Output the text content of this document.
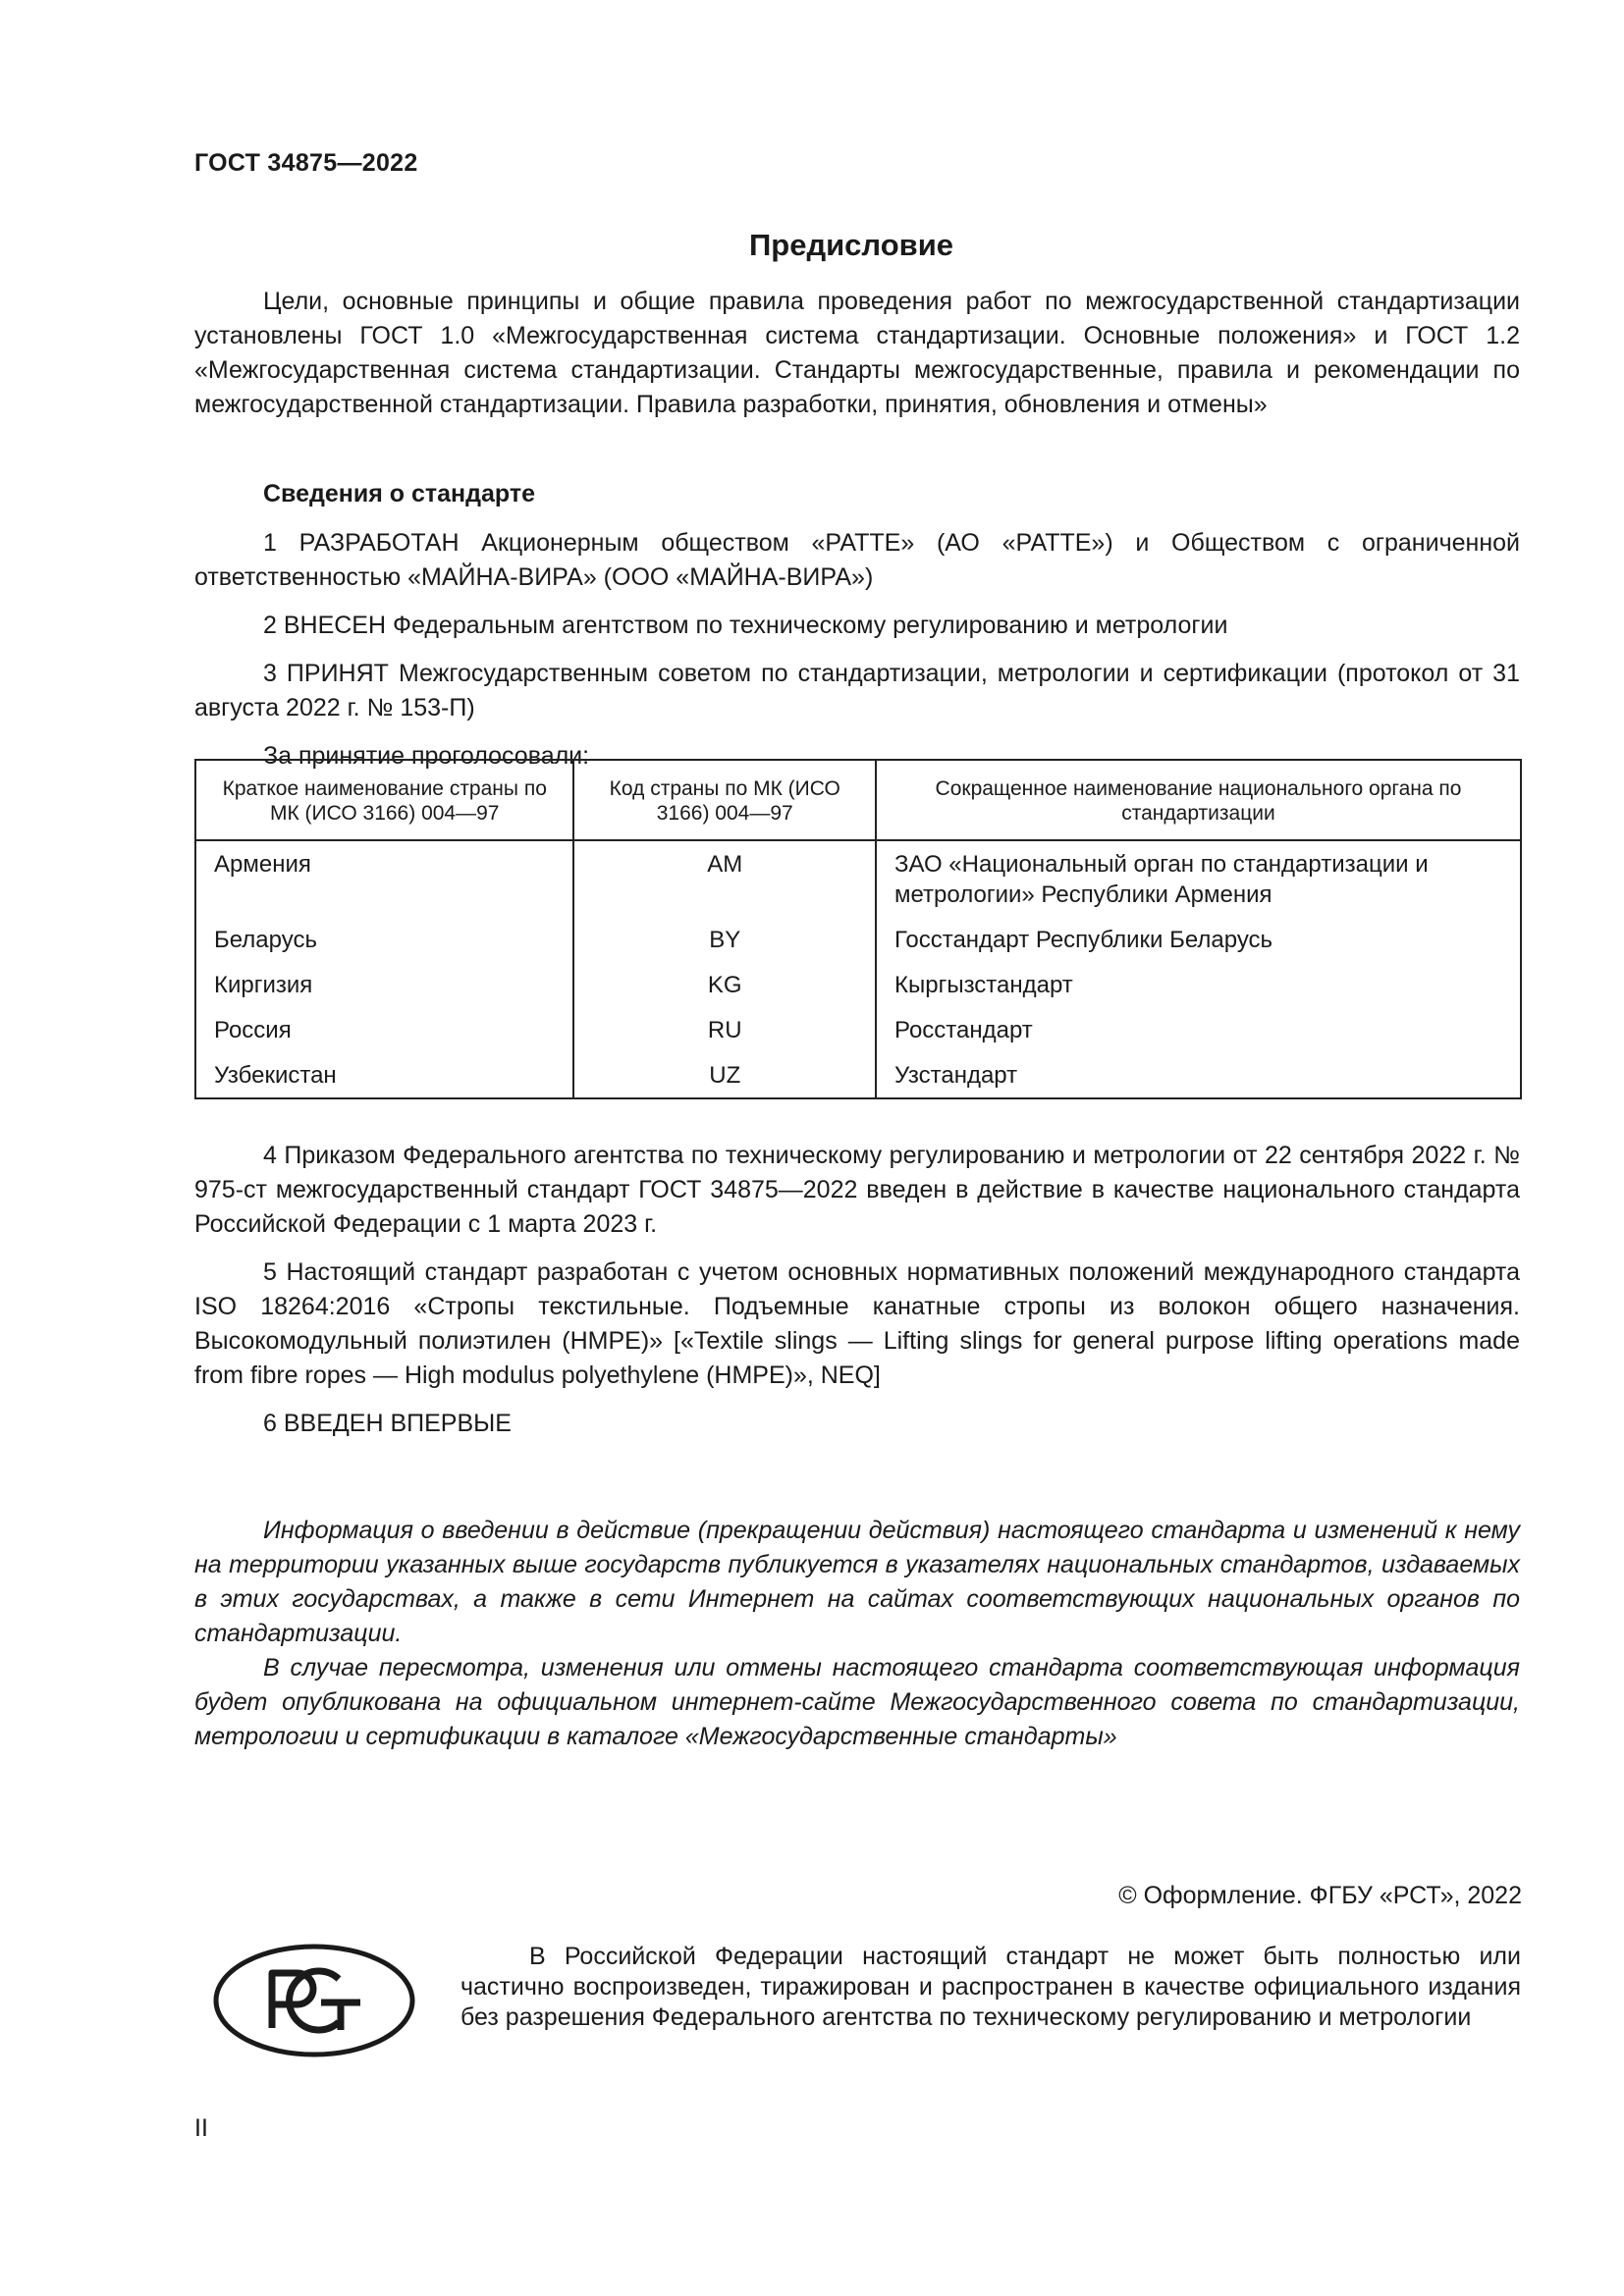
ГОСТ 34875—2022
Предисловие

Цели, основные принципы и общие правила проведения работ по межгосударственной стандартизации установлены ГОСТ 1.0 «Межгосударственная система стандартизации. Основные положения» и ГОСТ 1.2 «Межгосударственная система стандартизации. Стандарты межгосударственные, правила и рекомендации по межгосударственной стандартизации. Правила разработки, принятия, обновления и отмены»

Сведения о стандарте

1 РАЗРАБОТАН Акционерным обществом «РАТТЕ» (АО «РАТТЕ») и Обществом с ограниченной ответственностью «МАЙНА-ВИРА» (ООО «МАЙНА-ВИРА»)

2 ВНЕСЕН Федеральным агентством по техническому регулированию и метрологии

3 ПРИНЯТ Межгосударственным советом по стандартизации, метрологии и сертификации (протокол от 31 августа 2022 г. № 153-П)

За принятие проголосовали:

Краткое наименование страны по МК (ИСО 3166) 004—97	Код страны по МК (ИСО 3166) 004—97	Сокращенное наименование национального органа по стандартизации
Армения	AM	ЗАО «Национальный орган по стандартизации и метрологии» Республики Армения
Беларусь	BY	Госстандарт Республики Беларусь
Киргизия	KG	Кыргызстандарт
Россия	RU	Росстандарт
Узбекистан	UZ	Узстандарт

4 Приказом Федерального агентства по техническому регулированию и метрологии от 22 сентября 2022 г. № 975-ст межгосударственный стандарт ГОСТ 34875—2022 введен в действие в качестве национального стандарта Российской Федерации с 1 марта 2023 г.

5 Настоящий стандарт разработан с учетом основных нормативных положений международного стандарта ISO 18264:2016 «Стропы текстильные. Подъемные канатные стропы из волокон общего назначения. Высокомодульный полиэтилен (HMPE)» [«Textile slings — Lifting slings for general purpose lifting operations made from fibre ropes — High modulus polyethylene (HMPE)», NEQ]

6 ВВЕДЕН ВПЕРВЫЕ

Информация о введении в действие (прекращении действия) настоящего стандарта и изменений к нему на территории указанных выше государств публикуется в указателях национальных стандартов, издаваемых в этих государствах, а также в сети Интернет на сайтах соответствующих национальных органов по стандартизации.

В случае пересмотра, изменения или отмены настоящего стандарта соответствующая информация будет опубликована на официальном интернет-сайте Межгосударственного совета по стандартизации, метрологии и сертификации в каталоге «Межгосударственные стандарты»

© Оформление. ФГБУ «РСТ», 2022
В Российской Федерации настоящий стандарт не может быть полностью или частично воспроизведен, тиражирован и распространен в качестве официального издания без разрешения Федерального агентства по техническому регулированию и метрологии
II
